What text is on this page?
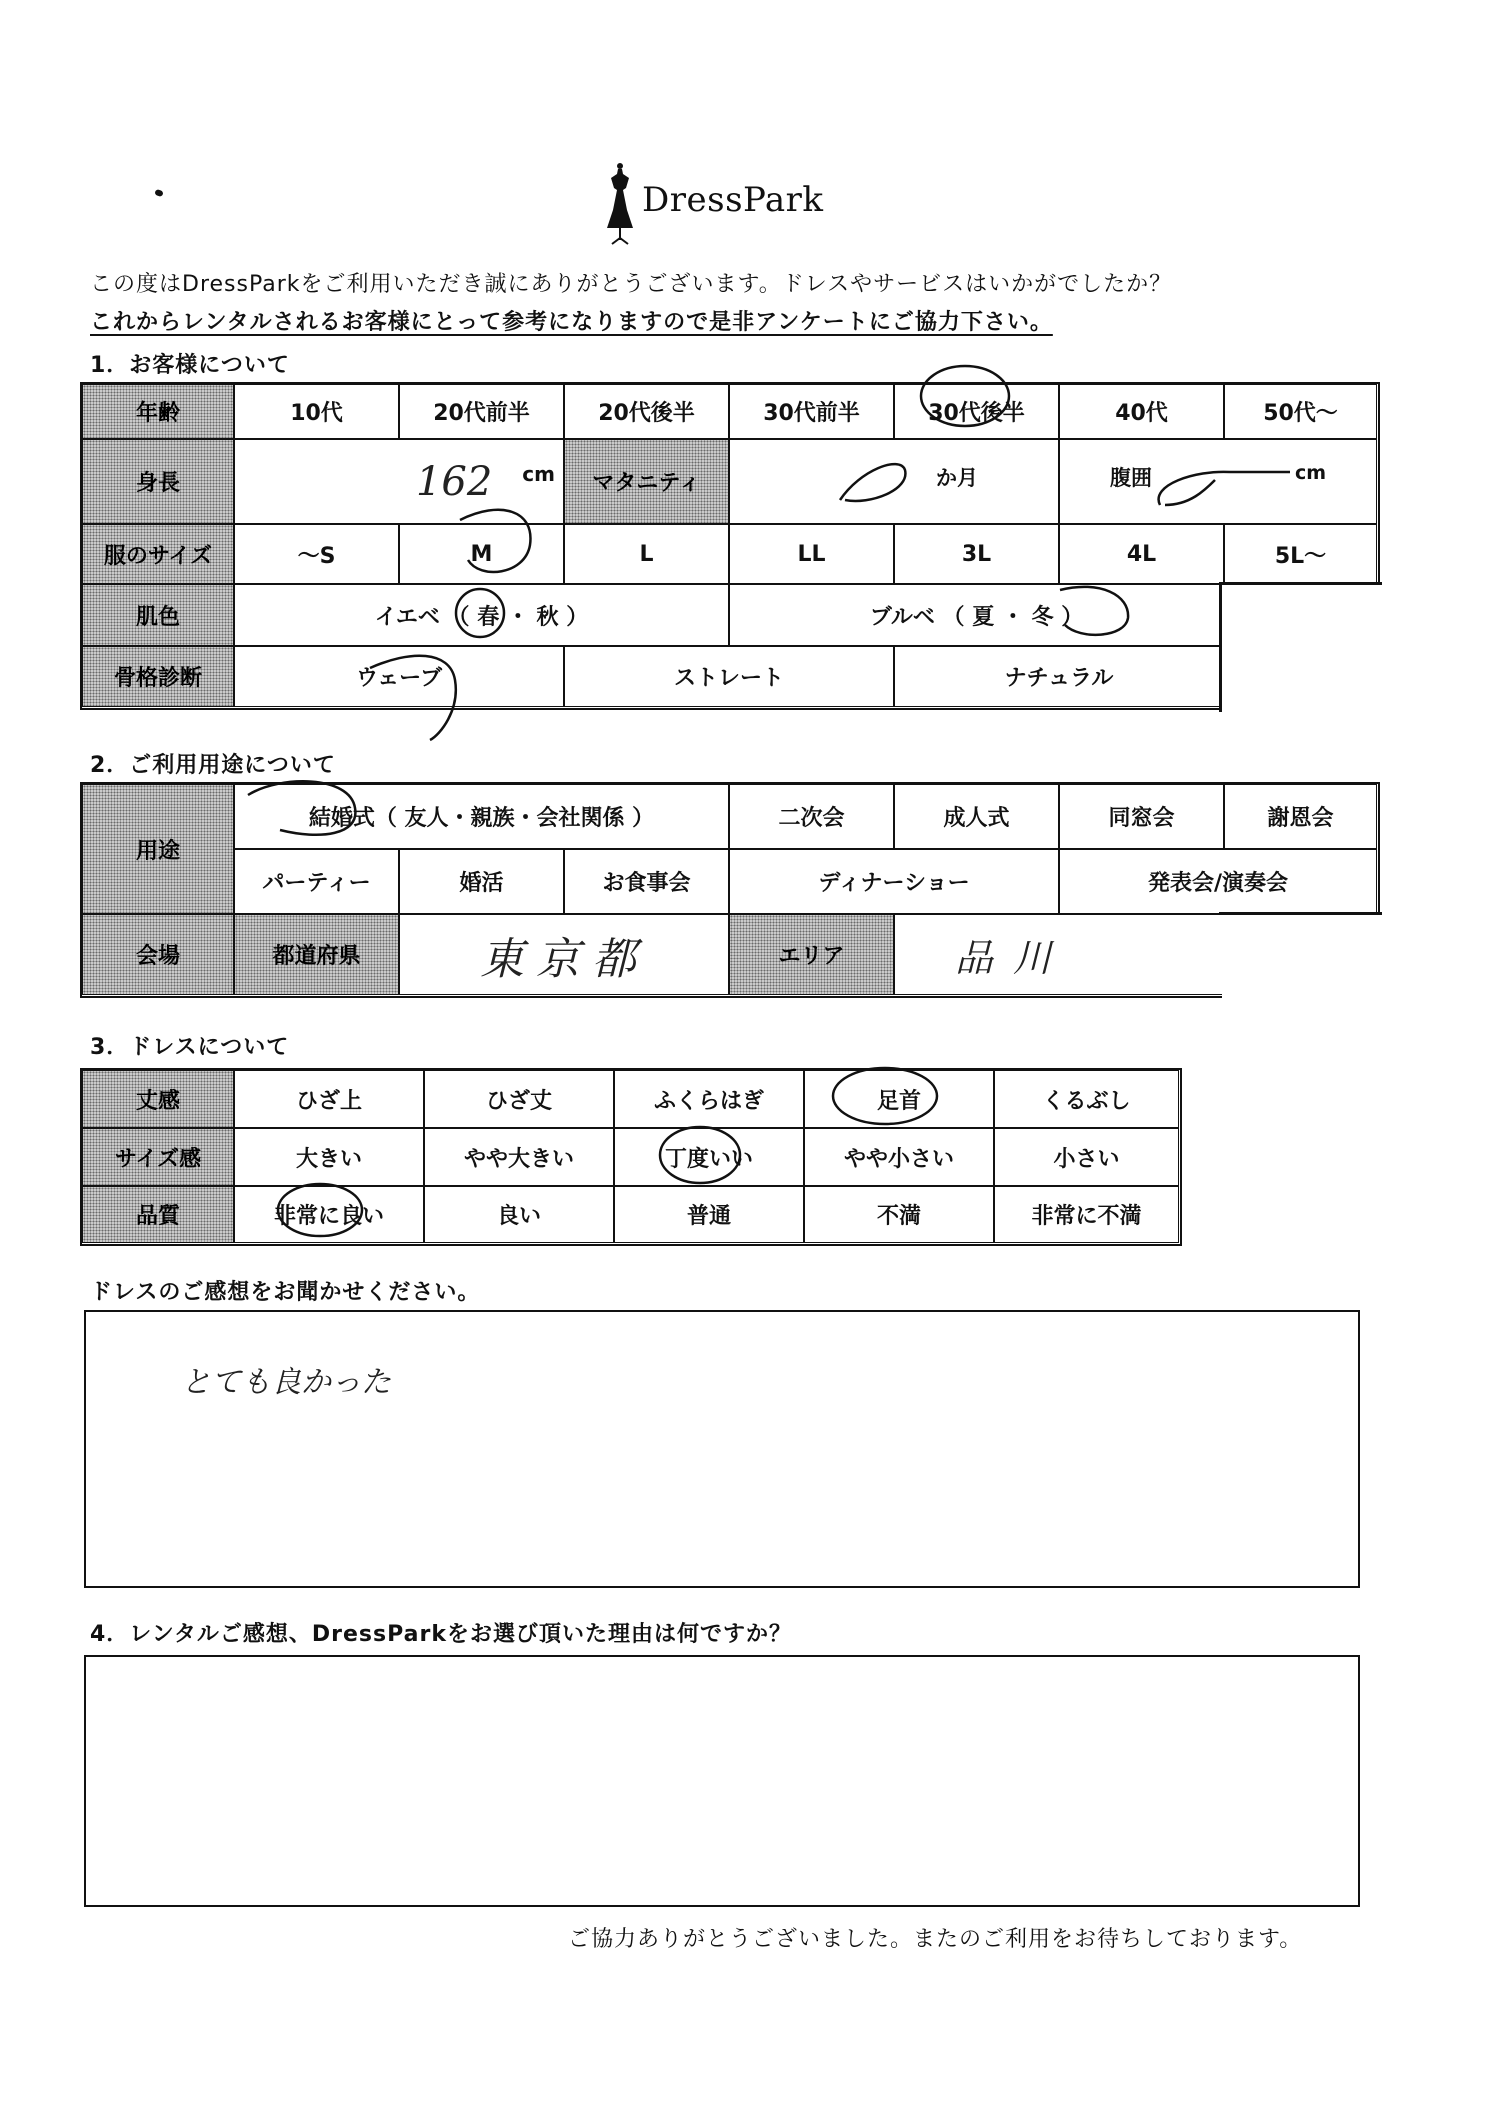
DressPark
この度はDressParkをご利用いただき誠にありがとうございます。ドレスやサービスはいかがでしたか？
これからレンタルされるお客様にとって参考になりますので是非アンケートにご協力下さい。
1．お客様について
年齢	10代	20代前半	20代後半	30代前半	30代後半	40代	50代～
身長	162 cm マタニティ	か月	腹囲	cm
服のサイズ	～S	M	L	LL	3L	4L	5L～
肌色	イエベ （ 春 ・ 秋 ）	ブルベ （ 夏 ・ 冬 ）
骨格診断	ウェーブ	ストレート	ナチュラル
2．ご利用用途について
用途
結婚式（ 友人・親族・会社関係 ）	二次会	成人式	同窓会	謝恩会
パーティー	婚活	お食事会	ディナーショー	発表会/演奏会
会場	都道府県	東京都	エリア	品川
3．ドレスについて
丈感	ひざ上	ひざ丈	ふくらはぎ	足首	くるぶし
サイズ感	大きい	やや大きい	丁度いい	やや小さい	小さい
品質	非常に良い	良い	普通	不満	非常に不満
ドレスのご感想をお聞かせください。
とても良かった
4．レンタルご感想、DressParkをお選び頂いた理由は何ですか？
ご協力ありがとうございました。またのご利用をお待ちしております。
